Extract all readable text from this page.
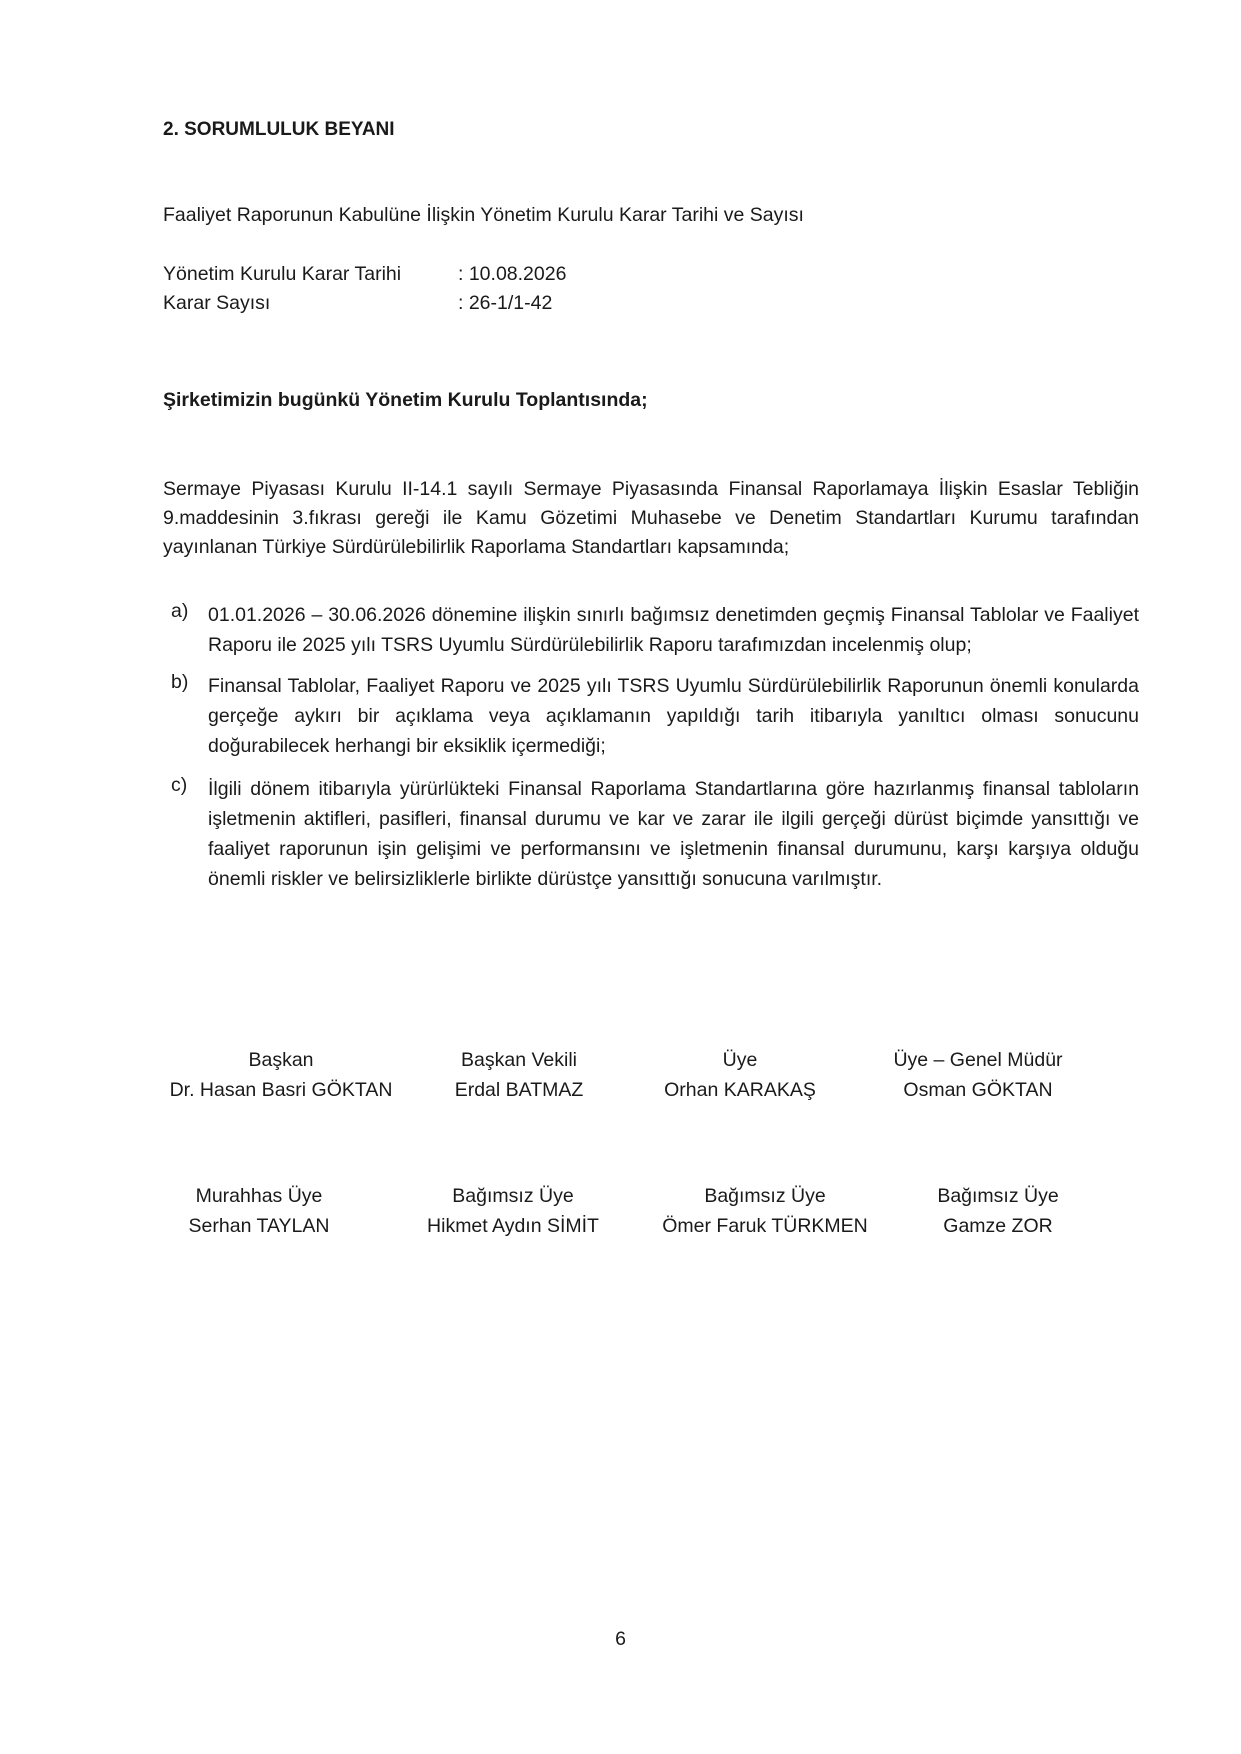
2. SORUMLULUK BEYANI
Faaliyet Raporunun Kabulüne İlişkin Yönetim Kurulu Karar Tarihi ve Sayısı
Yönetim Kurulu Karar Tarihi	: 10.08.2026
Karar Sayısı	: 26-1/1-42
Şirketimizin bugünkü Yönetim Kurulu Toplantısında;
Sermaye Piyasası Kurulu II-14.1 sayılı Sermaye Piyasasında Finansal Raporlamaya İlişkin Esaslar Tebliğin 9.maddesinin 3.fıkrası gereği ile Kamu Gözetimi Muhasebe ve Denetim Standartları Kurumu tarafından yayınlanan Türkiye Sürdürülebilirlik Raporlama Standartları kapsamında;
a) 01.01.2026 – 30.06.2026 dönemine ilişkin sınırlı bağımsız denetimden geçmiş Finansal Tablolar ve Faaliyet Raporu ile 2025 yılı TSRS Uyumlu Sürdürülebilirlik Raporu tarafımızdan incelenmiş olup;
b) Finansal Tablolar, Faaliyet Raporu ve 2025 yılı TSRS Uyumlu Sürdürülebilirlik Raporunun önemli konularda gerçeğe aykırı bir açıklama veya açıklamanın yapıldığı tarih itibarıyla yanıltıcı olması sonucunu doğurabilecek herhangi bir eksiklik içermediği;
c) İlgili dönem itibarıyla yürürlükteki Finansal Raporlama Standartlarına göre hazırlanmış finansal tabloların işletmenin aktifleri, pasifleri, finansal durumu ve kar ve zarar ile ilgili gerçeği dürüst biçimde yansıttığı ve faaliyet raporunun işin gelişimi ve performansını ve işletmenin finansal durumunu, karşı karşıya olduğu önemli riskler ve belirsizliklerle birlikte dürüstçe yansıttığı sonucuna varılmıştır.
Başkan
Dr. Hasan Basri GÖKTAN
Başkan Vekili
Erdal BATMAZ
Üye
Orhan KARAKAŞ
Üye – Genel Müdür
Osman GÖKTAN
Murahhas Üye
Serhan TAYLAN
Bağımsız Üye
Hikmet Aydın SİMİT
Bağımsız Üye
Ömer Faruk TÜRKMEN
Bağımsız Üye
Gamze ZOR
6
